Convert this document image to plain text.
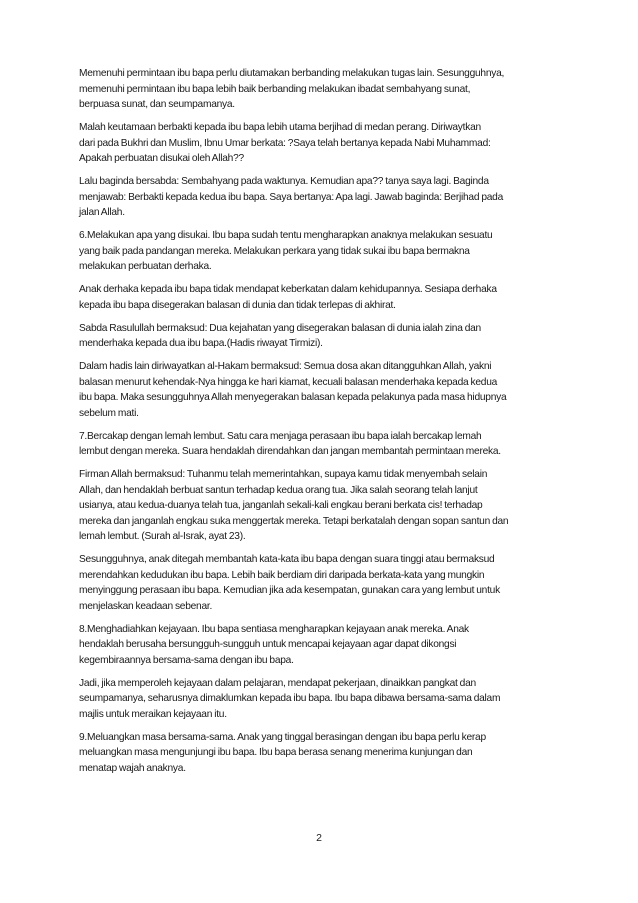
Memenuhi permintaan ibu bapa perlu diutamakan berbanding melakukan tugas lain. Sesungguhnya,
memenuhi permintaan ibu bapa lebih baik berbanding melakukan ibadat sembahyang sunat,
berpuasa sunat, dan seumpamanya.

Malah keutamaan berbakti kepada ibu bapa lebih utama berjihad di medan perang. Diriwaytkan
dari pada Bukhri dan Muslim, Ibnu Umar berkata: ?Saya telah bertanya kepada Nabi Muhammad:
Apakah perbuatan disukai oleh Allah??

Lalu baginda bersabda: Sembahyang pada waktunya. Kemudian apa?? tanya saya lagi. Baginda
menjawab: Berbakti kepada kedua ibu bapa. Saya bertanya: Apa lagi. Jawab baginda: Berjihad pada
jalan Allah.

6.Melakukan apa yang disukai. Ibu bapa sudah tentu mengharapkan anaknya melakukan sesuatu
yang baik pada pandangan mereka. Melakukan perkara yang tidak sukai ibu bapa bermakna
melakukan perbuatan derhaka.

Anak derhaka kepada ibu bapa tidak mendapat keberkatan dalam kehidupannya. Sesiapa derhaka
kepada ibu bapa disegerakan balasan di dunia dan tidak terlepas di akhirat.

Sabda Rasulullah bermaksud: Dua kejahatan yang disegerakan balasan di dunia ialah zina dan
menderhaka kepada dua ibu bapa.(Hadis riwayat Tirmizi).

Dalam hadis lain diriwayatkan al-Hakam bermaksud: Semua dosa akan ditangguhkan Allah, yakni
balasan menurut kehendak-Nya hingga ke hari kiamat, kecuali balasan menderhaka kepada kedua
ibu bapa. Maka sesungguhnya Allah menyegerakan balasan kepada pelakunya pada masa hidupnya
sebelum mati.

7.Bercakap dengan lemah lembut. Satu cara menjaga perasaan ibu bapa ialah bercakap lemah
lembut dengan mereka. Suara hendaklah direndahkan dan jangan membantah permintaan mereka.

Firman Allah bermaksud: Tuhanmu telah memerintahkan, supaya kamu tidak menyembah selain
Allah, dan hendaklah berbuat santun terhadap kedua orang tua. Jika salah seorang telah lanjut
usianya, atau kedua-duanya telah tua, janganlah sekali-kali engkau berani berkata cis! terhadap
mereka dan janganlah engkau suka menggertak mereka. Tetapi berkatalah dengan sopan santun dan
lemah lembut. (Surah al-Israk, ayat 23).

Sesungguhnya, anak ditegah membantah kata-kata ibu bapa dengan suara tinggi atau bermaksud
merendahkan kedudukan ibu bapa. Lebih baik berdiam diri daripada berkata-kata yang mungkin
menyinggung perasaan ibu bapa. Kemudian jika ada kesempatan, gunakan cara yang lembut untuk
menjelaskan keadaan sebenar.

8.Menghadiahkan kejayaan. Ibu bapa sentiasa mengharapkan kejayaan anak mereka. Anak
hendaklah berusaha bersungguh-sungguh untuk mencapai kejayaan agar dapat dikongsi
kegembiraannya bersama-sama dengan ibu bapa.

Jadi, jika memperoleh kejayaan dalam pelajaran, mendapat pekerjaan, dinaikkan pangkat dan
seumpamanya, seharusnya dimaklumkan kepada ibu bapa. Ibu bapa dibawa bersama-sama dalam
majlis untuk meraikan kejayaan itu.

9.Meluangkan masa bersama-sama. Anak yang tinggal berasingan dengan ibu bapa perlu kerap
meluangkan masa mengunjungi ibu bapa. Ibu bapa berasa senang menerima kunjungan dan
menatap wajah anaknya.

2
